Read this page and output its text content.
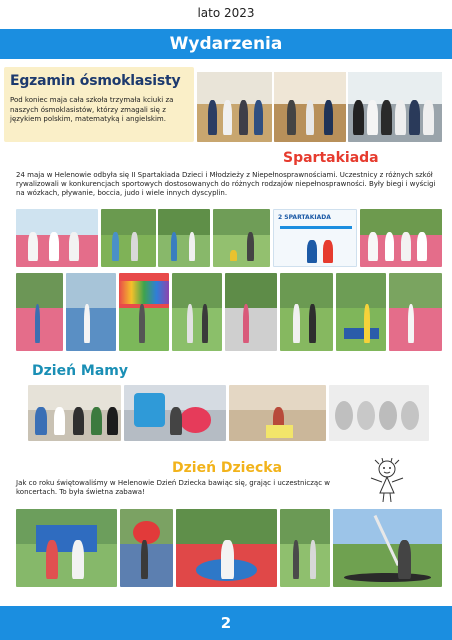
lato 2023
Wydarzenia
Egzamin ósmoklasisty
Pod koniec maja cała szkoła trzymała kciuki za naszych ósmoklasistów, którzy zmagali się z językiem polskim, matematyką i angielskim.
Spartakiada
24 maja w Helenowie odbyła się II Spartakiada Dzieci i Młodzieży z Niepełnosprawnościami. Uczestnicy z różnych szkół rywalizowali w konkurencjach sportowych dostosowanych do różnych rodzajów niepełnosprawności. Były biegi i wyścigi na wózkach, pływanie, boccia, judo i wiele innych dyscyplin.
2 SPARTAKIADA
Dzień Mamy
Dzień Dziecka
Jak co roku świętowaliśmy w Helenowie Dzień Dziecka bawiąc się, grając i uczestnicząc w koncertach. To była świetna zabawa!
2
